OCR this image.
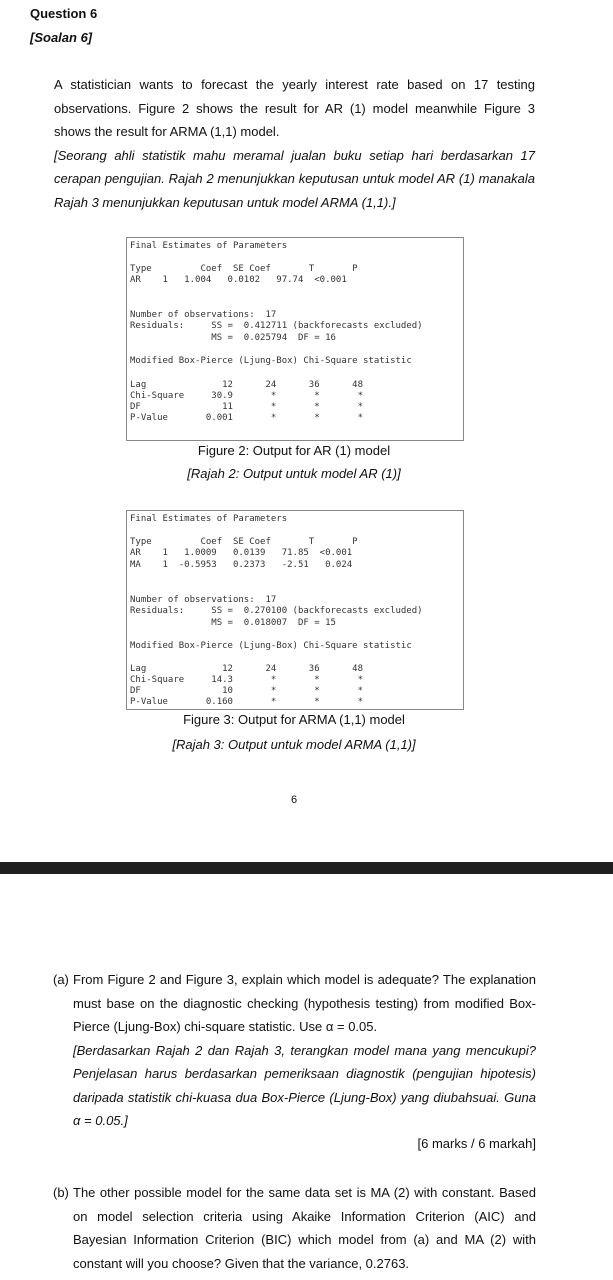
Question 6
[Soalan 6]

A statistician wants to forecast the yearly interest rate based on 17 testing observations. Figure 2 shows the result for AR (1) model meanwhile Figure 3 shows the result for ARMA (1,1) model.

[Seorang ahli statistik mahu meramal jualan buku setiap hari berdasarkan 17 cerapan pengujian. Rajah 2 menunjukkan keputusan untuk model AR (1) manakala Rajah 3 menunjukkan keputusan untuk model ARMA (1,1).]

Final Estimates of Parameters
Type         Coef  SE Coef       T       P
AR    1   1.004   0.0102   97.74  <0.001
Number of observations:  17
Residuals:     SS =  0.412711 (backforecasts excluded)
MS =  0.025794  DF = 16
Modified Box-Pierce (Ljung-Box) Chi-Square statistic
Lag              12      24      36      48
Chi-Square     30.9       *       *       *
DF               11       *       *       *
P-Value       0.001       *       *       *
Figure 2: Output for AR (1) model
[Rajah 2: Output untuk model AR (1)]
Final Estimates of Parameters
Type         Coef  SE Coef       T       P
AR    1   1.0009   0.0139   71.85  <0.001
MA    1  -0.5953   0.2373   -2.51   0.024
Number of observations:  17
Residuals:     SS =  0.270100 (backforecasts excluded)
MS =  0.018007  DF = 15
Modified Box-Pierce (Ljung-Box) Chi-Square statistic
Lag              12      24      36      48
Chi-Square     14.3       *       *       *
DF               10       *       *       *
P-Value       0.160       *       *       *
Figure 3: Output for ARMA (1,1) model
[Rajah 3: Output untuk model ARMA (1,1)]
6
(a) From Figure 2 and Figure 3, explain which model is adequate? The explanation must base on the diagnostic checking (hypothesis testing) from modified Box-Pierce (Ljung-Box) chi-square statistic. Use α = 0.05.

[Berdasarkan Rajah 2 dan Rajah 3, terangkan model mana yang mencukupi? Penjelasan harus berdasarkan pemeriksaan diagnostik (pengujian hipotesis) daripada statistik chi-kuasa dua Box-Pierce (Ljung-Box) yang diubahsuai. Guna α = 0.05.]

[6 marks / 6 markah]
(b) The other possible model for the same data set is MA (2) with constant. Based on model selection criteria using Akaike Information Criterion (AIC) and Bayesian Information Criterion (BIC) which model from (a) and MA (2) with constant will you choose? Given that the variance, 0.2763.
